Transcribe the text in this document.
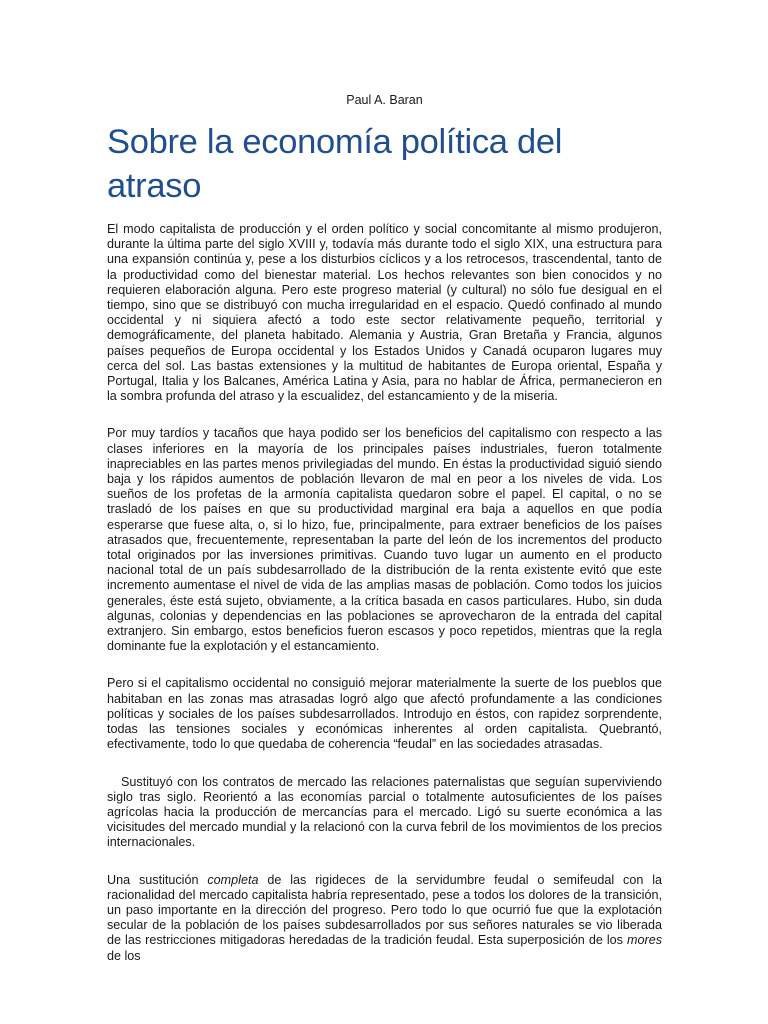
Paul A. Baran
Sobre la economía política del atraso

El modo capitalista de producción y el orden político y social concomitante al mismo produjeron, durante la última parte del siglo XVIII y, todavía más durante todo el siglo XIX, una estructura para una expansión continúa y, pese a los disturbios cíclicos y a los retrocesos, trascendental, tanto de la productividad como del bienestar material. Los hechos relevantes son bien conocidos y no requieren elaboración alguna. Pero este progreso material (y cultural) no sólo fue desigual en el tiempo, sino que se distribuyó con mucha irregularidad en el espacio. Quedó confinado al mundo occidental y ni siquiera afectó a todo este sector relativamente pequeño, territorial y demográficamente, del planeta habitado. Alemania y Austria, Gran Bretaña y Francia, algunos países pequeños de Europa occidental y los Estados Unidos y Canadá ocuparon lugares muy cerca del sol. Las bastas extensiones y la multitud de habitantes de Europa oriental, España y Portugal, Italia y los Balcanes, América Latina y Asia, para no hablar de África, permanecieron en la sombra profunda del atraso y la escualidez, del estancamiento y de la miseria.

Por muy tardíos y tacaños que haya podido ser los beneficios del capitalismo con respecto a las clases inferiores en la mayoría de los principales países industriales, fueron totalmente inapreciables en las partes menos privilegiadas del mundo. En éstas la productividad siguió siendo baja y los rápidos aumentos de población llevaron de mal en peor a los niveles de vida. Los sueños de los profetas de la armonía capitalista quedaron sobre el papel. El capital, o no se trasladó de los países en que su productividad marginal era baja a aquellos en que podía esperarse que fuese alta, o, si lo hizo, fue, principalmente, para extraer beneficios de los países atrasados que, frecuentemente, representaban la parte del león de los incrementos del producto total originados por las inversiones primitivas. Cuando tuvo lugar un aumento en el producto nacional total de un país subdesarrollado de la distribución de la renta existente evitó que este incremento aumentase el nivel de vida de las amplias masas de población. Como todos los juicios generales, éste está sujeto, obviamente, a la crítica basada en casos particulares. Hubo, sin duda algunas, colonias y dependencias en las poblaciones se aprovecharon de la entrada del capital extranjero. Sin embargo, estos beneficios fueron escasos y poco repetidos, mientras que la regla dominante fue la explotación y el estancamiento.

Pero si el capitalismo occidental no consiguió mejorar materialmente la suerte de los pueblos que habitaban en las zonas mas atrasadas logró algo que afectó profundamente a las condiciones políticas y sociales de los países subdesarrollados. Introdujo en éstos, con rapidez sorprendente, todas las tensiones sociales y económicas inherentes al orden capitalista. Quebrantó, efectivamente, todo lo que quedaba de coherencia “feudal” en las sociedades atrasadas.

Sustituyó con los contratos de mercado las relaciones paternalistas que seguían superviviendo siglo tras siglo. Reorientó a las economías parcial o totalmente autosuficientes de los países agrícolas hacia la producción de mercancías para el mercado. Ligó su suerte económica a las vicisitudes del mercado mundial y la relacionó con la curva febril de los movimientos de los precios internacionales.

Una sustitución completa de las rigideces de la servidumbre feudal o semifeudal con la racionalidad del mercado capitalista habría representado, pese a todos los dolores de la transición, un paso importante en la dirección del progreso. Pero todo lo que ocurrió fue que la explotación secular de la población de los países subdesarrollados por sus señores naturales se vio liberada de las restricciones mitigadoras heredadas de la tradición feudal. Esta superposición de los mores de los
